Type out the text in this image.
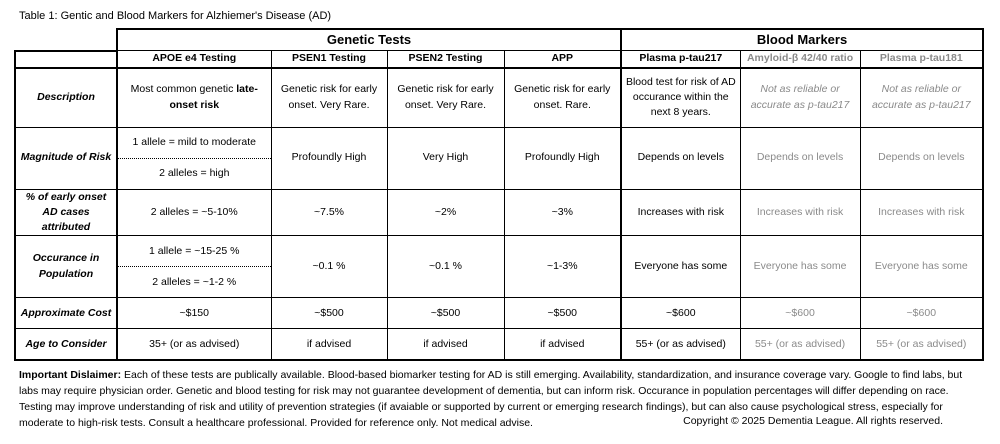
Table 1: Gentic and Blood Markers for Alzhiemer's Disease (AD)
	Genetic Tests				Blood Markers		
	APOE e4 Testing	PSEN1 Testing	PSEN2 Testing	APP	Plasma p-tau217	Amyloid-β 42/40 ratio	Plasma p-tau181
Description	Most common genetic late-onset risk	Genetic risk for early onset. Very Rare.	Genetic risk for early onset. Very Rare.	Genetic risk for early onset. Rare.	Blood test for risk of AD occurance within the next 8 years.	Not as reliable or accurate as p-tau217	Not as reliable or accurate as p-tau217
Magnitude of Risk	1 allele = mild to moderate	Profoundly High	Very High	Profoundly High	Depends on levels	Depends on levels	Depends on levels
	2 alleles = high						
% of early onset AD cases attributed	2 alleles = ~5-10%	~7.5%	~2%	~3%	Increases with risk	Increases with risk	Increases with risk
Occurance in Population	1 allele = ~15-25 %	~0.1 %	~0.1 %	~1-3%	Everyone has some	Everyone has some	Everyone has some
	2 alleles = ~1-2 %						
Approximate Cost	~$150	~$500	~$500	~$500	~$600	~$600	~$600
Age to Consider	35+ (or as advised)	if advised	if advised	if advised	55+ (or as advised)	55+ (or as advised)	55+ (or as advised)
Important Dislaimer: Each of these tests are publically available. Blood-based biomarker testing for AD is still emerging. Availability, standardization, and insurance coverage vary. Google to find labs, but labs may require physician order. Genetic and blood testing for risk may not guarantee development of dementia, but can inform risk. Occurance in population percentages will differ depending on race. Testing may improve understanding of risk and utility of prevention strategies (if avaiable or supported by current or emerging research findings), but can also cause psychological stress, especially for moderate to high-risk tests. Consult a healthcare professional. Provided for reference only. Not medical advise.	Copyright © 2025 Dementia League. All rights reserved.
